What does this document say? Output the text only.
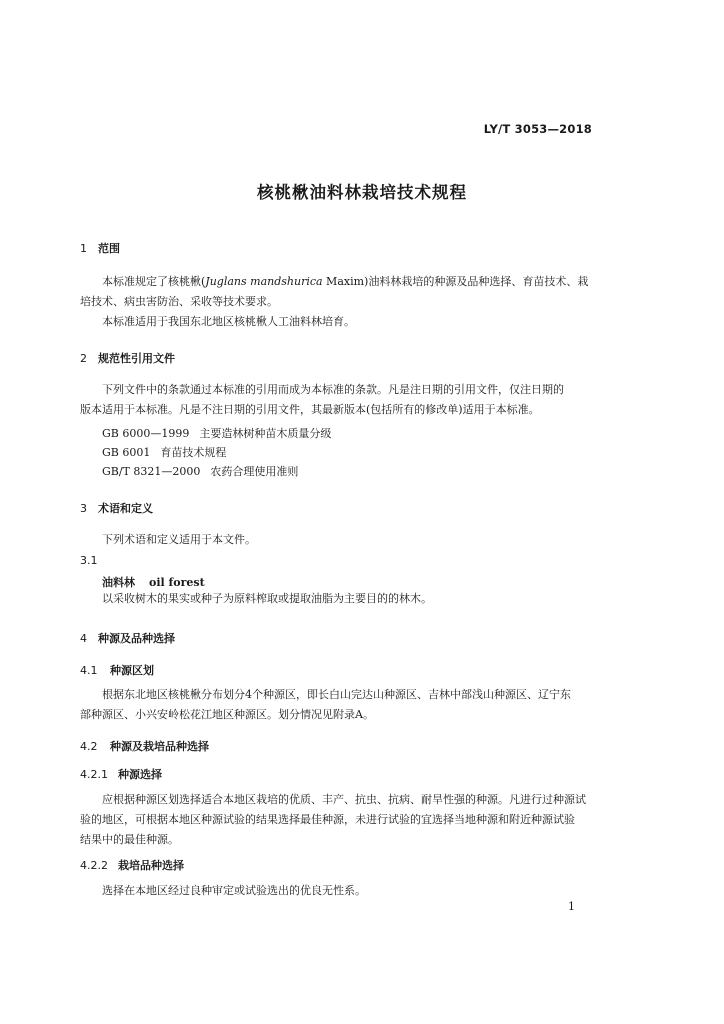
LY/T 3053—2018
核桃楸油料林栽培技术规程
1 范围
本标准规定了核桃楸(Juglans mandshurica Maxim)油料林栽培的种源及品种选择、育苗技术、栽
培技术、病虫害防治、采收等技术要求。
本标准适用于我国东北地区核桃楸人工油料林培育。
2 规范性引用文件
下列文件中的条款通过本标准的引用而成为本标准的条款。凡是注日期的引用文件，仅注日期的
版本适用于本标准。凡是不注日期的引用文件，其最新版本(包括所有的修改单)适用于本标准。
GB 6000—1999 主要造林树种苗木质量分级
GB 6001 育苗技术规程
GB/T 8321—2000 农药合理使用准则
3 术语和定义
下列术语和定义适用于本文件。
3.1
油料林 oil forest
以采收树木的果实或种子为原料榨取或提取油脂为主要目的的林木。
4 种源及品种选择
4.1 种源区划
根据东北地区核桃楸分布划分4个种源区，即长白山完达山种源区、吉林中部浅山种源区、辽宁东
部种源区、小兴安岭松花江地区种源区。划分情况见附录A。
4.2 种源及栽培品种选择
4.2.1 种源选择
应根据种源区划选择适合本地区栽培的优质、丰产、抗虫、抗病、耐旱性强的种源。凡进行过种源试
验的地区，可根据本地区种源试验的结果选择最佳种源，未进行试验的宜选择当地种源和附近种源试验
结果中的最佳种源。
4.2.2 栽培品种选择
选择在本地区经过良种审定或试验选出的优良无性系。
1
